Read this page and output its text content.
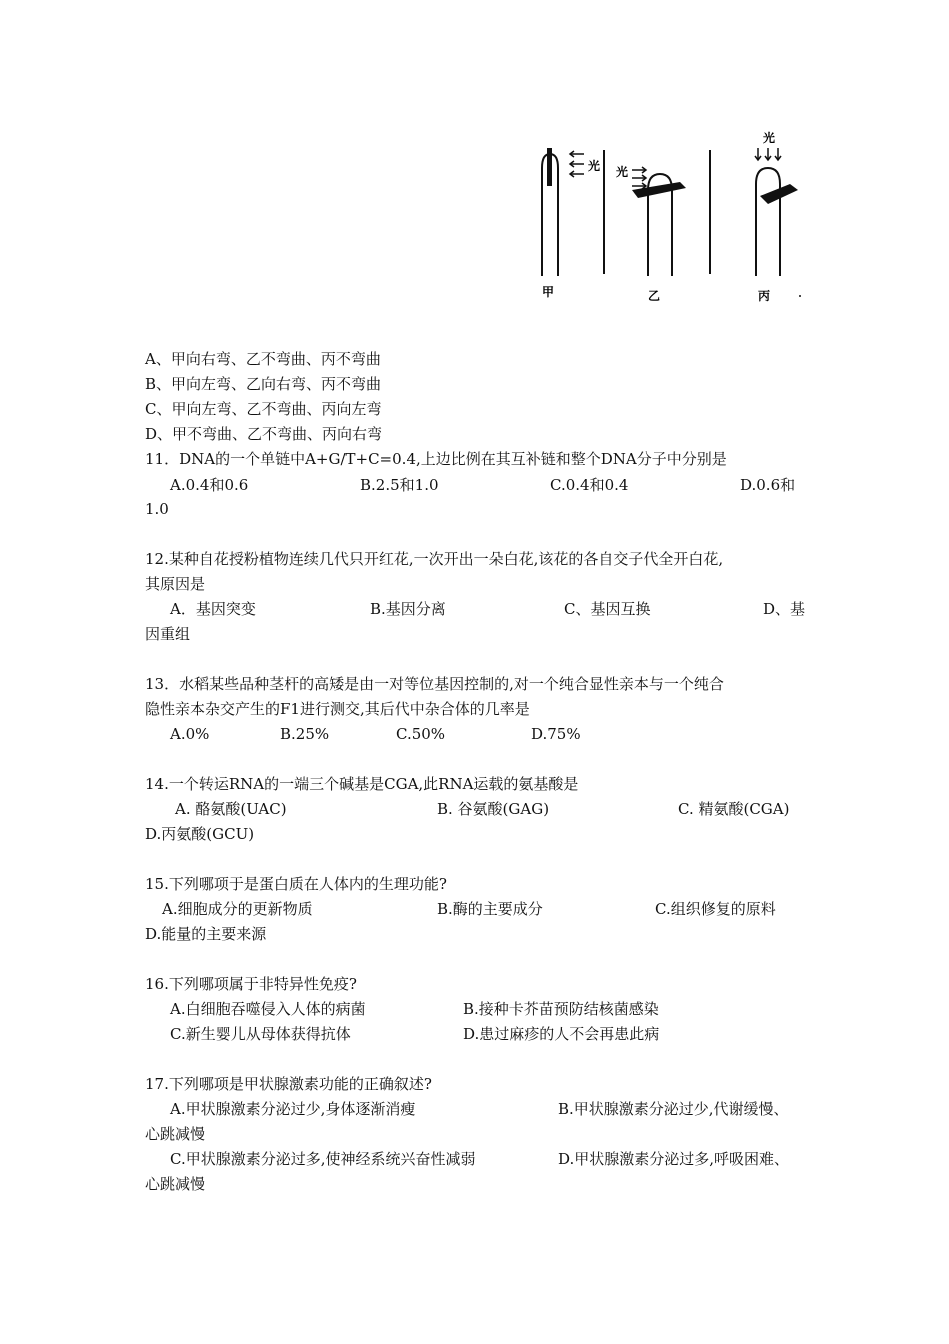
光 光
光
甲	乙	丙
A、甲向右弯、乙不弯曲、丙不弯曲
B、甲向左弯、乙向右弯、丙不弯曲
C、甲向左弯、乙不弯曲、丙向左弯
D、甲不弯曲、乙不弯曲、丙向右弯
11．DNA的一个单链中A+G/T+C=0.4,上边比例在其互补链和整个DNA分子中分别是
A.0.4和0.6	B.2.5和1.0	C.0.4和0.4	D.0.6和
1.0
12.某种自花授粉植物连续几代只开红花,一次开出一朵白花,该花的各自交子代全开白花,
其原因是
A．基因突变	B.基因分离	C、基因互换	D、基
因重组
13．水稻某些品种茎杆的高矮是由一对等位基因控制的,对一个纯合显性亲本与一个纯合
隐性亲本杂交产生的F1进行测交,其后代中杂合体的几率是
A.0%	B.25%	C.50%	D.75%
14.一个转运RNA的一端三个碱基是CGA,此RNA运载的氨基酸是
A. 酪氨酸(UAC)	B. 谷氨酸(GAG)	C. 精氨酸(CGA)
D.丙氨酸(GCU)
15.下列哪项于是蛋白质在人体内的生理功能?
A.细胞成分的更新物质	B.酶的主要成分	C.组织修复的原料
D.能量的主要来源
16.下列哪项属于非特异性免疫?
A.白细胞吞噬侵入人体的病菌	B.接种卡芥苗预防结核菌感染
C.新生婴儿从母体获得抗体	D.患过麻疹的人不会再患此病
17.下列哪项是甲状腺激素功能的正确叙述?
A.甲状腺激素分泌过少,身体逐渐消瘦	B.甲状腺激素分泌过少,代谢缓慢、
心跳减慢
C.甲状腺激素分泌过多,使神经系统兴奋性减弱	D.甲状腺激素分泌过多,呼吸困难、
心跳减慢
